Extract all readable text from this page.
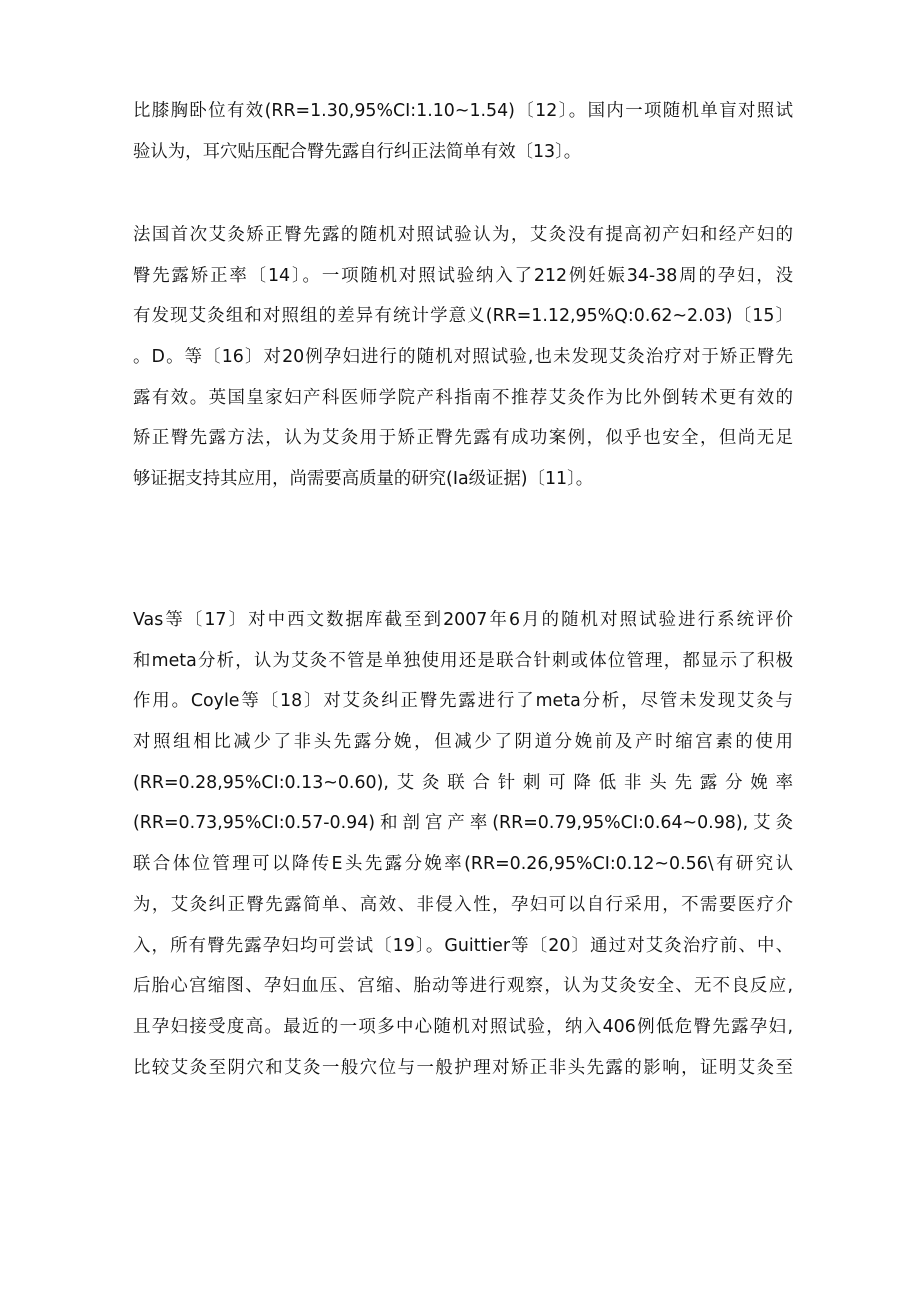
比膝胸卧位有效(RR=1.30,95%CI:1.10~1.54)〔12〕。国内一项随机单盲对照试
验认为，耳穴贴压配合臀先露自行纠正法简单有效〔13〕。
法国首次艾灸矫正臀先露的随机对照试验认为，艾灸没有提高初产妇和经产妇的
臀先露矫正率〔14〕。一项随机对照试验纳入了212例妊娠34-38周的孕妇，没
有发现艾灸组和对照组的差异有统计学意义(RR=1.12,95%Q:0.62~2.03)〔15〕
。D。等〔16〕对20例孕妇进行的随机对照试验,也未发现艾灸治疗对于矫正臀先
露有效。英国皇家妇产科医师学院产科指南不推荐艾灸作为比外倒转术更有效的
矫正臀先露方法，认为艾灸用于矫正臀先露有成功案例，似乎也安全，但尚无足
够证据支持其应用，尚需要高质量的研究(Ia级证据)〔11〕。
Vas等〔17〕对中西文数据库截至到2007年6月的随机对照试验进行系统评价
和meta分析，认为艾灸不管是单独使用还是联合针刺或体位管理，都显示了积极
作用。Coyle等〔18〕对艾灸纠正臀先露进行了meta分析，尽管未发现艾灸与
对照组相比减少了非头先露分娩，但减少了阴道分娩前及产时缩宫素的使用
(RR=0.28,95%CI:0.13~0.60),艾灸联合针刺可降低非头先露分娩率
(RR=0.73,95%CI:0.57-0.94)和剖宫产率(RR=0.79,95%CI:0.64~0.98),艾灸
联合体位管理可以降传E头先露分娩率(RR=0.26,95%CI:0.12~0.56\有研究认
为，艾灸纠正臀先露简单、高效、非侵入性，孕妇可以自行采用，不需要医疗介
入，所有臀先露孕妇均可尝试〔19〕。Guittier等〔20〕通过对艾灸治疗前、中、
后胎心宫缩图、孕妇血压、宫缩、胎动等进行观察，认为艾灸安全、无不良反应,
且孕妇接受度高。最近的一项多中心随机对照试验，纳入406例低危臀先露孕妇,
比较艾灸至阴穴和艾灸一般穴位与一般护理对矫正非头先露的影响，证明艾灸至
